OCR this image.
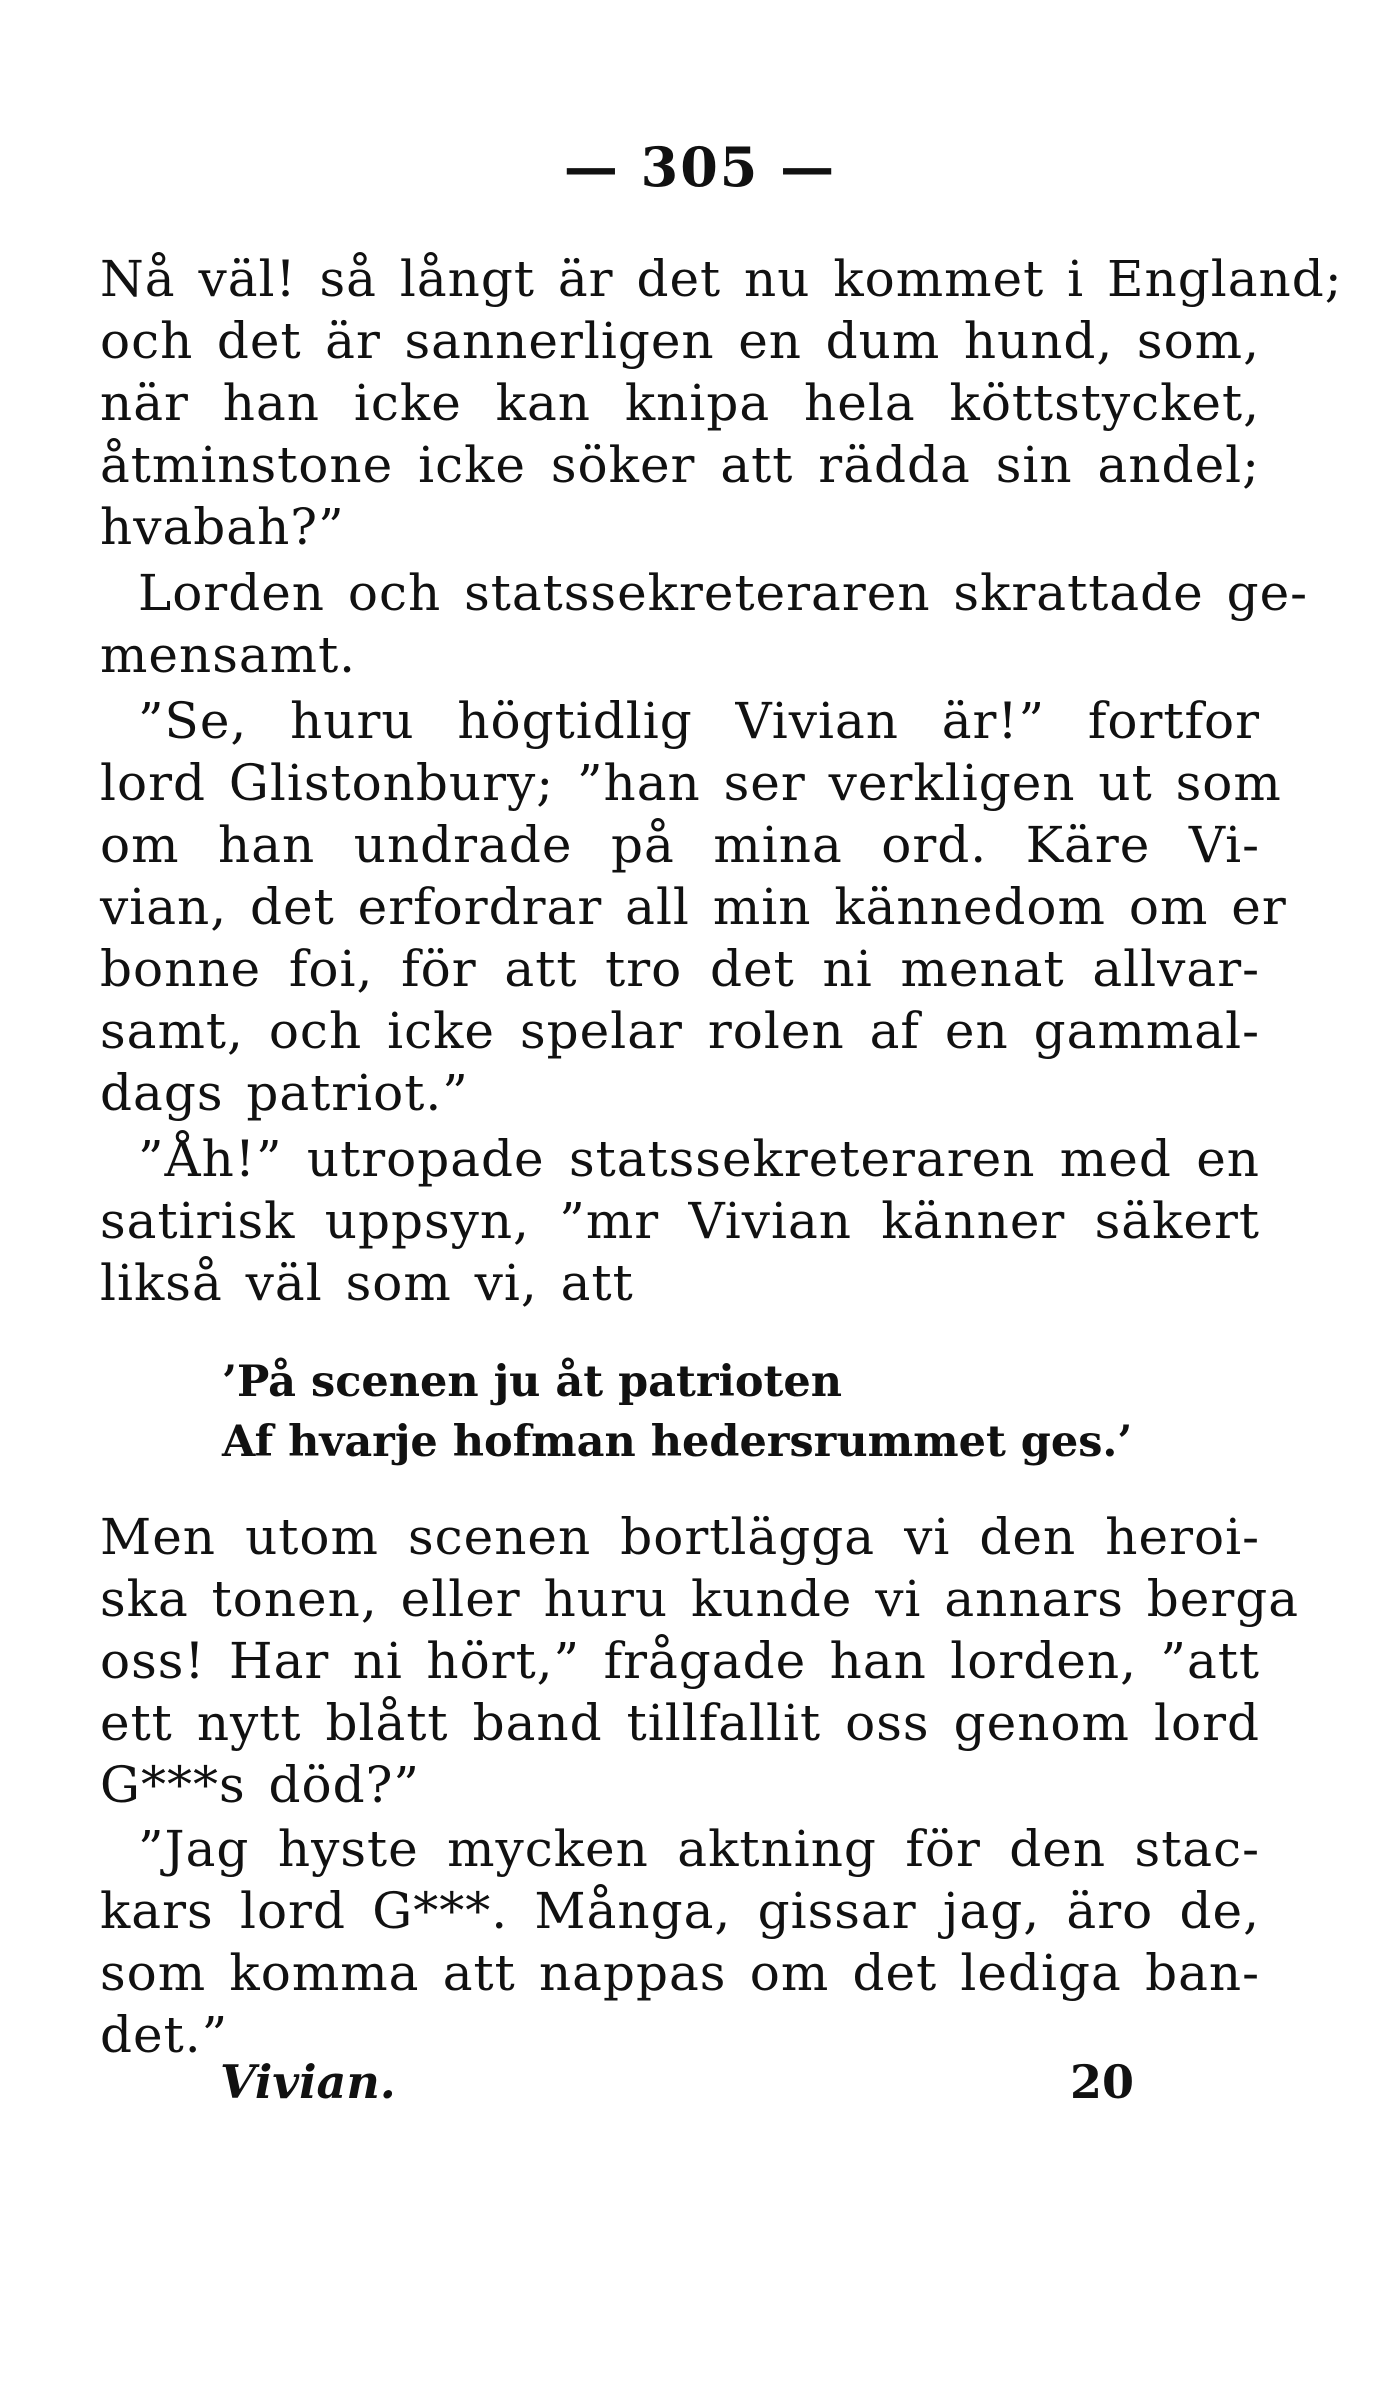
— 305 —
Nå väl! så långt är det nu kommet i England;
och det är sannerligen en dum hund, som,
när han icke kan knipa hela köttstycket,
åtminstone icke söker att rädda sin andel;
hvabah?”
Lorden och statssekreteraren skrattade ge-
mensamt.
”Se, huru högtidlig Vivian är!” fortfor
lord Glistonbury; ”han ser verkligen ut som
om han undrade på mina ord. Käre Vi-
vian, det erfordrar all min kännedom om er
bonne foi, för att tro det ni menat allvar-
samt, och icke spelar rolen af en gammal-
dags patriot.”
”Åh!” utropade statssekreteraren med en
satirisk uppsyn, ”mr Vivian känner säkert
likså väl som vi, att
’På scenen ju åt patrioten
Af hvarje hofman hedersrummet ges.’
Men utom scenen bortlägga vi den heroi-
ska tonen, eller huru kunde vi annars berga
oss! Har ni hört,” frågade han lorden, ”att
ett nytt blått band tillfallit oss genom lord
G***s död?”
”Jag hyste mycken aktning för den stac-
kars lord G***. Många, gissar jag, äro de,
som komma att nappas om det lediga ban-
det.”
Vivian.	20
